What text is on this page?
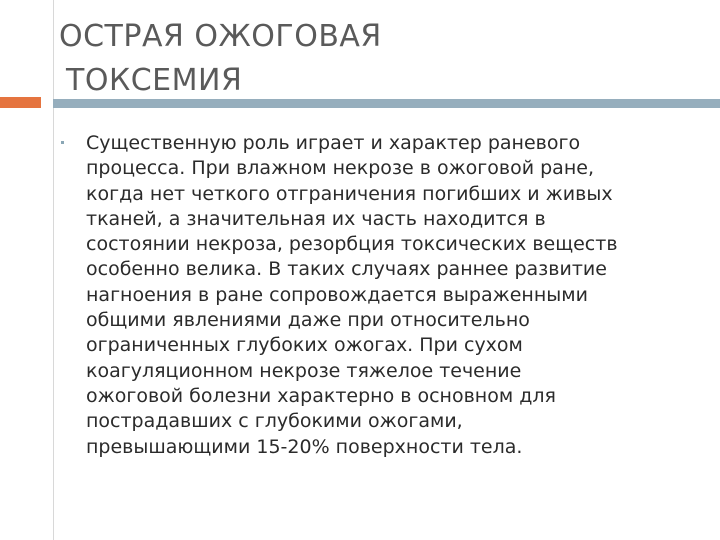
ОСТРАЯ ОЖОГОВАЯ
ТОКСЕМИЯ
Существенную роль играет и характер раневого
процесса. При влажном некрозе в ожоговой ране,
когда нет четкого отграничения погибших и живых
тканей, а значительная их часть находится в
состоянии некроза, резорбция токсических веществ
особенно велика. В таких случаях раннее развитие
нагноения в ране сопровождается выраженными
общими явлениями даже при относительно
ограниченных глубоких ожогах. При сухом
коагуляционном некрозе тяжелое течение
ожоговой болезни характерно в основном для
пострадавших с глубокими ожогами,
превышающими 15-20% поверхности тела.
